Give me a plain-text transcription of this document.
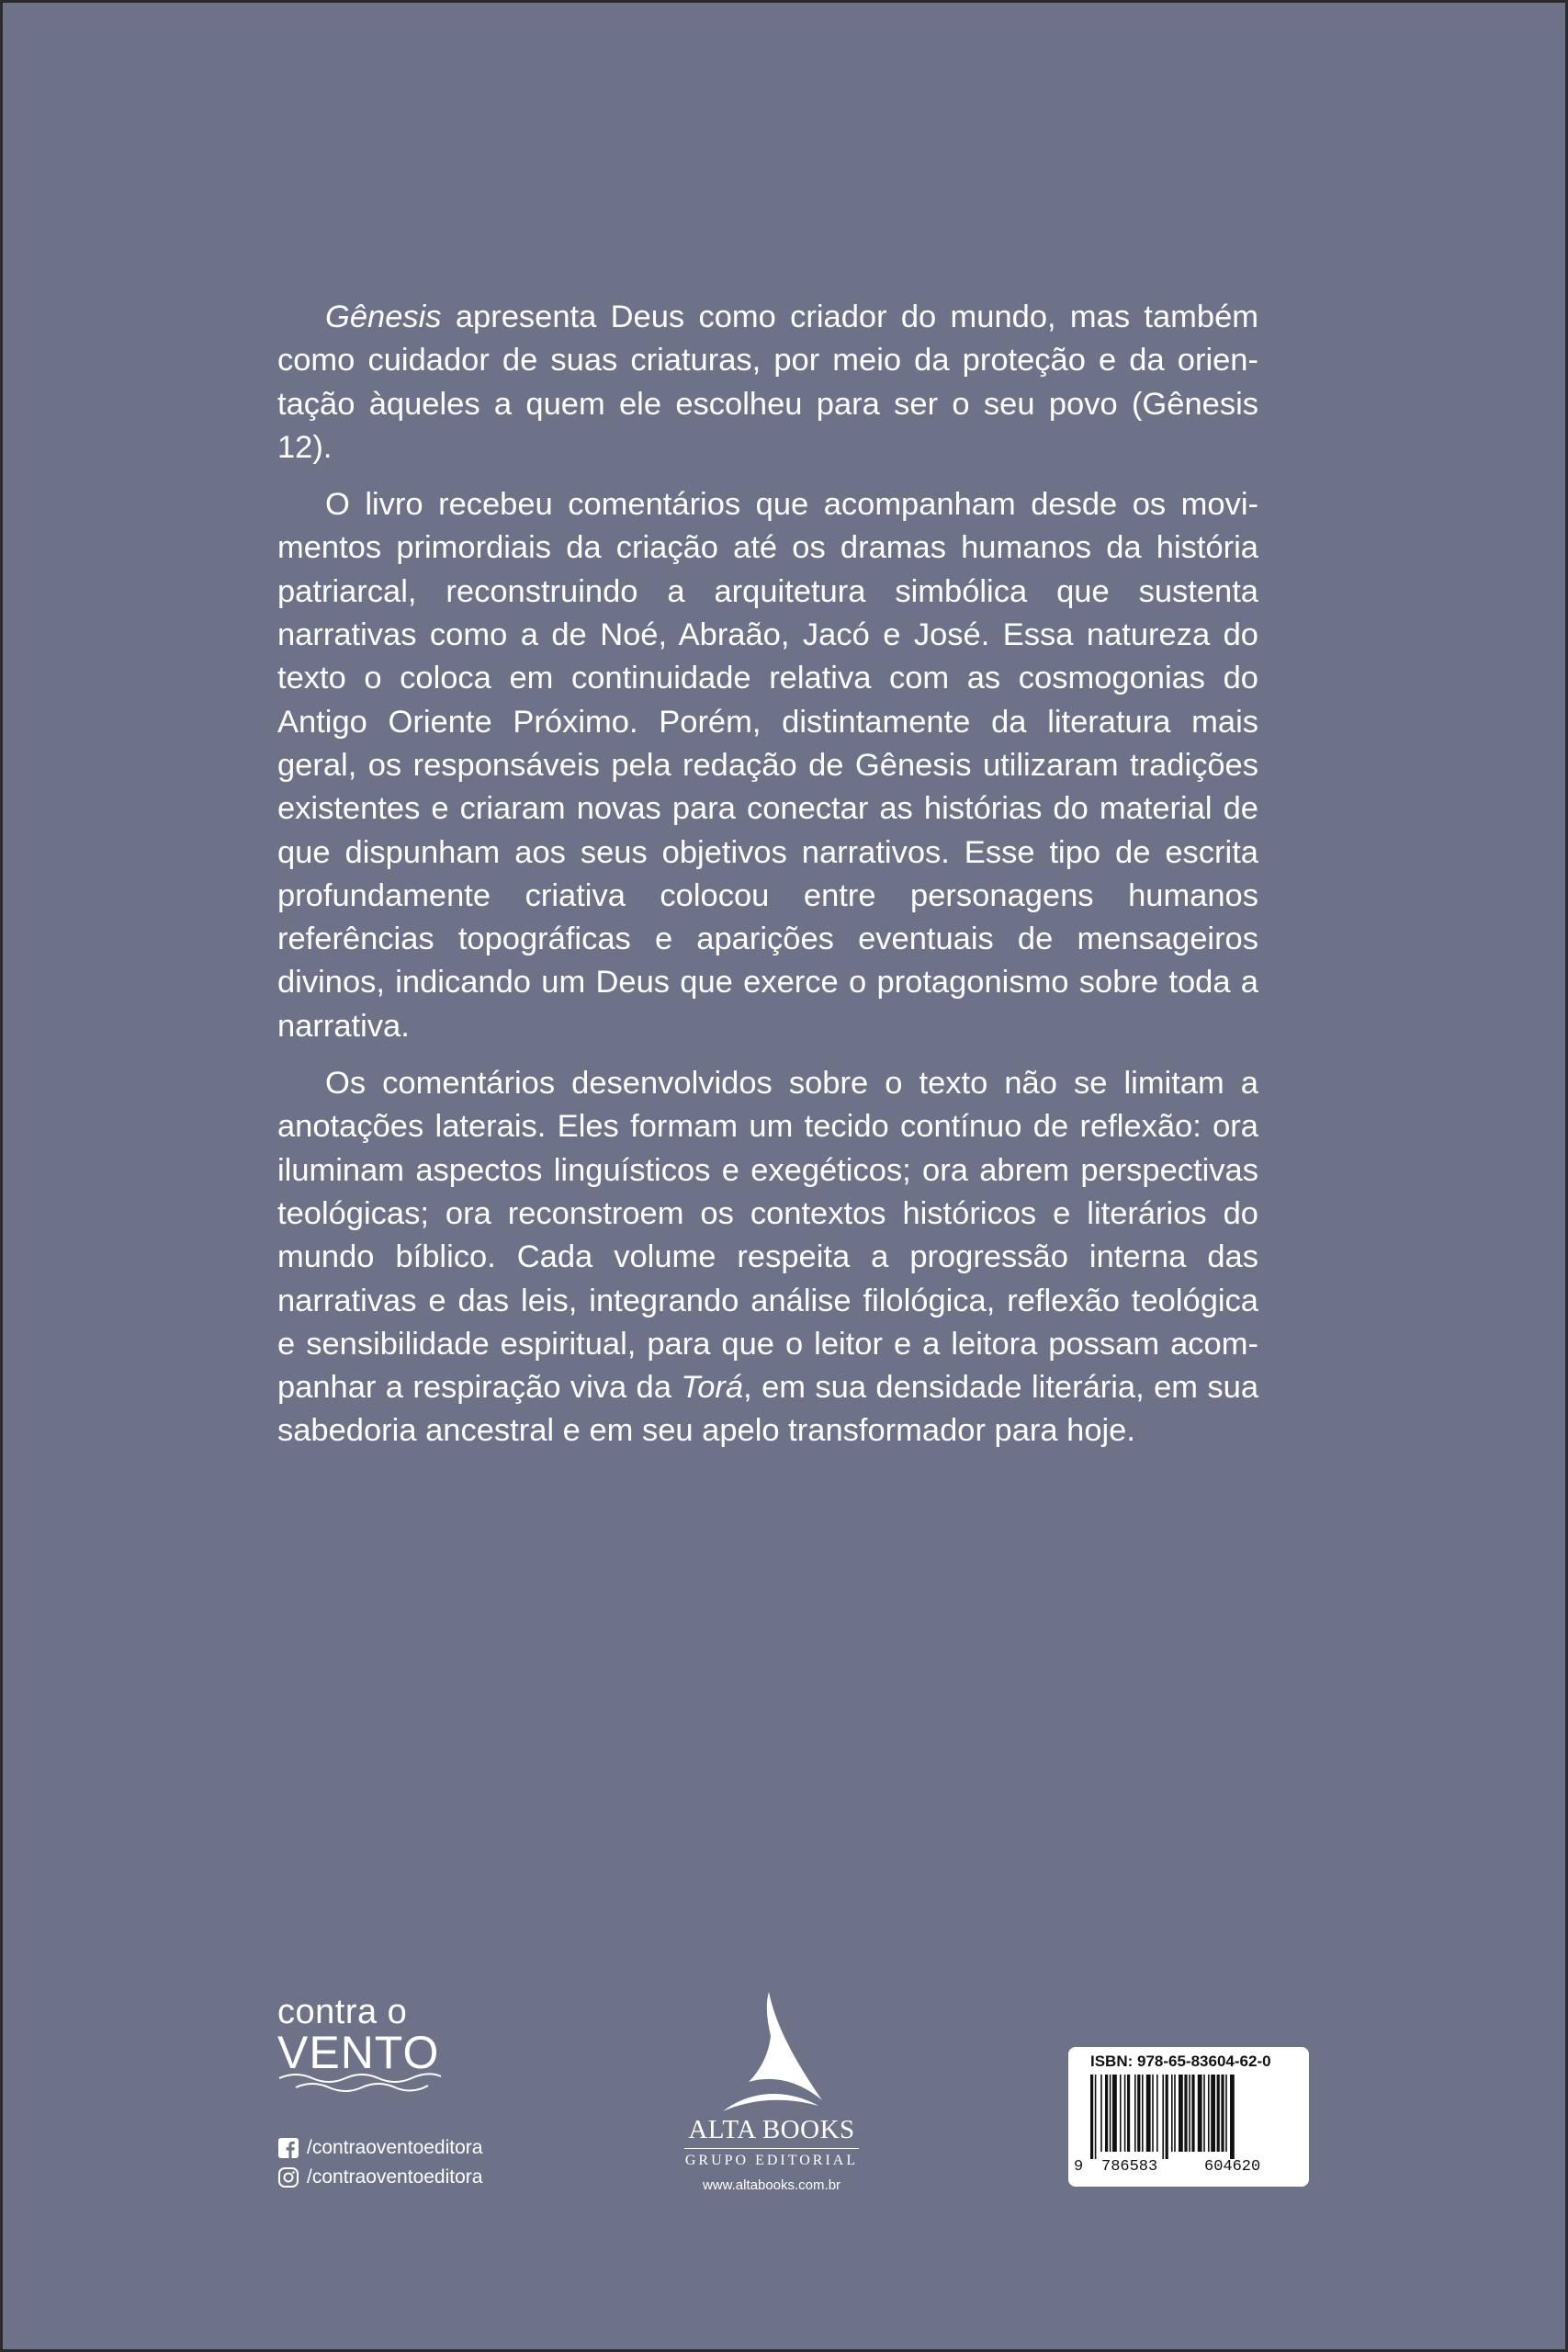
Gênesis apresenta Deus como criador do mundo, mas também como cuidador de suas criaturas, por meio da proteção e da orientação àqueles a quem ele escolheu para ser o seu povo (Gênesis 12).

O livro recebeu comentários que acompanham desde os movimentos primordiais da criação até os dramas humanos da história patriarcal, reconstruindo a arquitetura simbólica que sustenta narrativas como a de Noé, Abraão, Jacó e José. Essa natureza do texto o coloca em continuidade relativa com as cosmogonias do Antigo Oriente Próximo. Porém, distintamente da literatura mais geral, os responsáveis pela redação de Gênesis utilizaram tradições existentes e criaram novas para conectar as histórias do material de que dispunham aos seus objetivos narrativos. Esse tipo de escrita profundamente criativa colocou entre personagens humanos referências topográficas e aparições eventuais de mensageiros divinos, indicando um Deus que exerce o protagonismo sobre toda a narrativa.

Os comentários desenvolvidos sobre o texto não se limitam a anotações laterais. Eles formam um tecido contínuo de reflexão: ora iluminam aspectos linguísticos e exegéticos; ora abrem perspectivas teológicas; ora reconstroem os contextos históricos e literários do mundo bíblico. Cada volume respeita a progressão interna das narrativas e das leis, integrando análise filológica, reflexão teológica e sensibilidade espiritual, para que o leitor e a leitora possam acompanhar a respiração viva da Torá, em sua densidade literária, em sua sabedoria ancestral e em seu apelo transformador para hoje.

contra o
VENTO
/contraoventoeditora
/contraoventoeditora
ALTA BOOKS
GRUPO EDITORIAL
www.altabooks.com.br
ISBN: 978-65-83604-62-0
9 786583	604620
